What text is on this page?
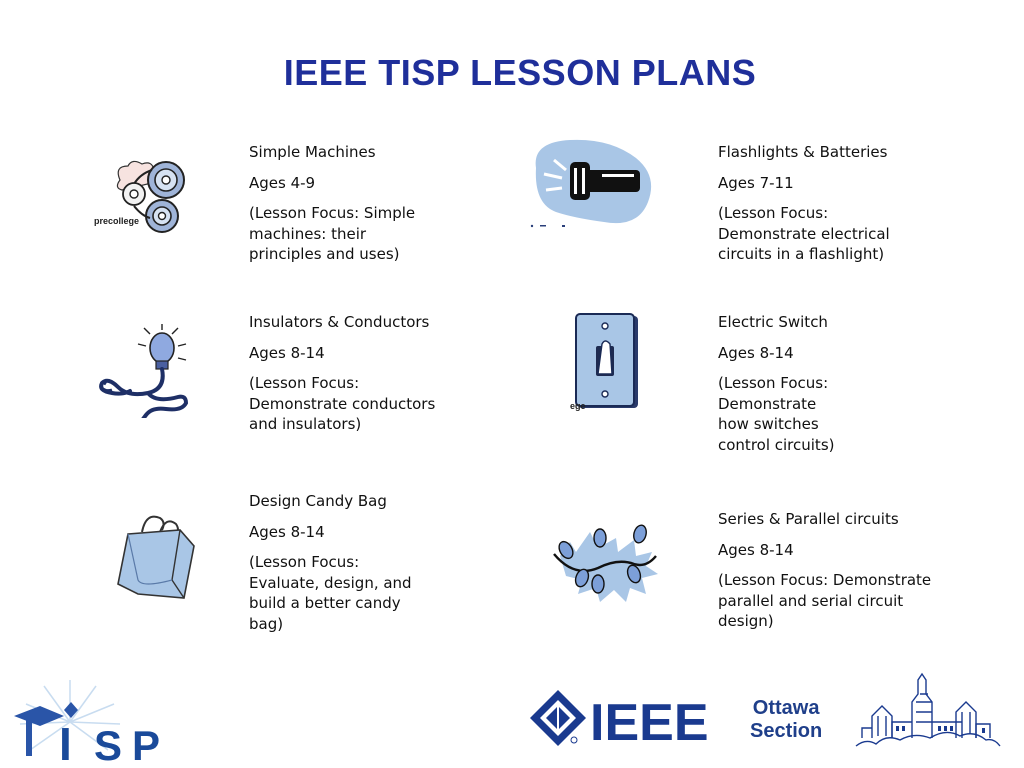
IEEE TISP LESSON PLANS

Simple Machines

Ages 4-9

(Lesson Focus: Simple
machines: their
principles and uses)

Flashlights & Batteries

Ages 7-11

(Lesson Focus:
Demonstrate electrical
circuits in a flashlight)

Insulators & Conductors

Ages 8-14

(Lesson Focus:
Demonstrate conductors
and insulators)

Electric Switch

Ages 8-14

(Lesson Focus:
Demonstrate
how switches
control circuits)

Design Candy Bag

Ages 8-14

(Lesson Focus:
Evaluate, design, and
build a better candy
bag)

Series & Parallel circuits

Ages 8-14

(Lesson Focus: Demonstrate
parallel and serial circuit
design)

precollege
ege
I SP	IEEE Ottawa
Section
